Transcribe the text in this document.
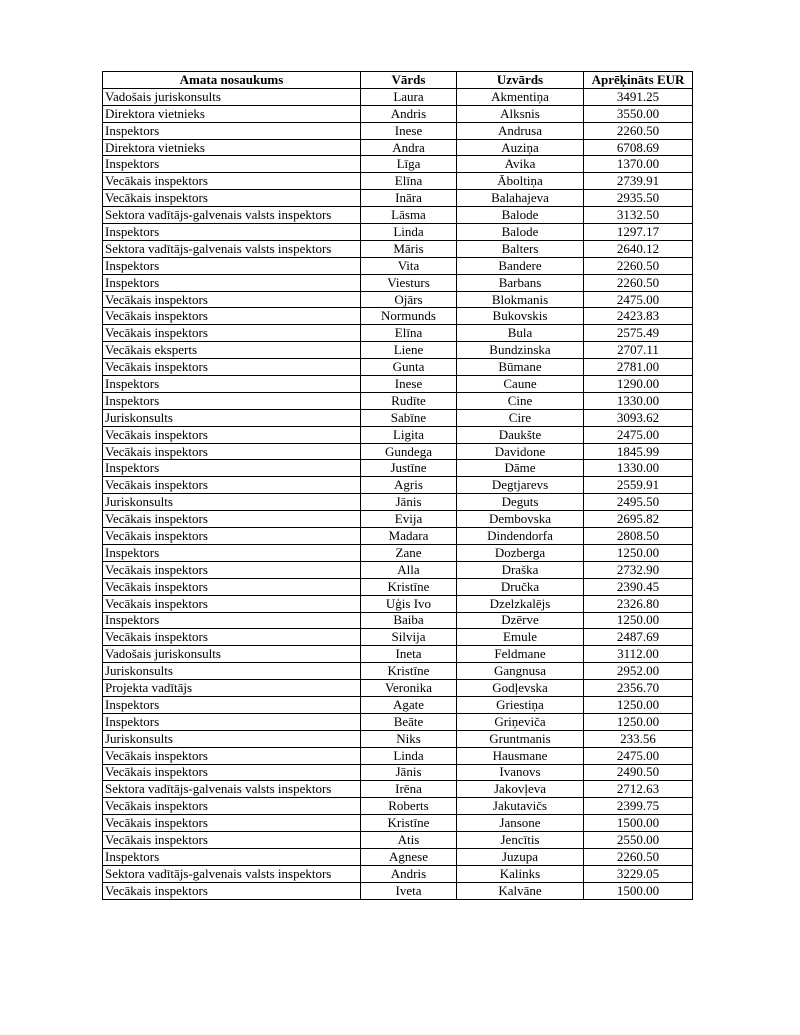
Amata nosaukums	Vārds	Uzvārds	Aprēķināts EUR
Vadošais juriskonsults	Laura	Akmentiņa	3491.25
Direktora vietnieks	Andris	Alksnis	3550.00
Inspektors	Inese	Andrusa	2260.50
Direktora vietnieks	Andra	Auziņa	6708.69
Inspektors	Līga	Avika	1370.00
Vecākais inspektors	Elīna	Āboltiņa	2739.91
Vecākais inspektors	Ināra	Balahajeva	2935.50
Sektora vadītājs-galvenais valsts inspektors	Lāsma	Balode	3132.50
Inspektors	Linda	Balode	1297.17
Sektora vadītājs-galvenais valsts inspektors	Māris	Balters	2640.12
Inspektors	Vita	Bandere	2260.50
Inspektors	Viesturs	Barbans	2260.50
Vecākais inspektors	Ojārs	Blokmanis	2475.00
Vecākais inspektors	Normunds	Bukovskis	2423.83
Vecākais inspektors	Elīna	Bula	2575.49
Vecākais eksperts	Liene	Bundzinska	2707.11
Vecākais inspektors	Gunta	Būmane	2781.00
Inspektors	Inese	Caune	1290.00
Inspektors	Rudīte	Cine	1330.00
Juriskonsults	Sabīne	Cire	3093.62
Vecākais inspektors	Ligita	Daukšte	2475.00
Vecākais inspektors	Gundega	Davidone	1845.99
Inspektors	Justīne	Dāme	1330.00
Vecākais inspektors	Agris	Degtjarevs	2559.91
Juriskonsults	Jānis	Deguts	2495.50
Vecākais inspektors	Evija	Dembovska	2695.82
Vecākais inspektors	Madara	Dindendorfa	2808.50
Inspektors	Zane	Dozberga	1250.00
Vecākais inspektors	Alla	Draška	2732.90
Vecākais inspektors	Kristīne	Dručka	2390.45
Vecākais inspektors	Uģis Ivo	Dzelzkalējs	2326.80
Inspektors	Baiba	Dzērve	1250.00
Vecākais inspektors	Silvija	Emule	2487.69
Vadošais juriskonsults	Ineta	Feldmane	3112.00
Juriskonsults	Kristīne	Gangnusa	2952.00
Projekta vadītājs	Veronika	Godļevska	2356.70
Inspektors	Agate	Griestiņa	1250.00
Inspektors	Beāte	Griņeviča	1250.00
Juriskonsults	Niks	Gruntmanis	233.56
Vecākais inspektors	Linda	Hausmane	2475.00
Vecākais inspektors	Jānis	Ivanovs	2490.50
Sektora vadītājs-galvenais valsts inspektors	Irēna	Jakovļeva	2712.63
Vecākais inspektors	Roberts	Jakutavičs	2399.75
Vecākais inspektors	Kristīne	Jansone	1500.00
Vecākais inspektors	Atis	Jencītis	2550.00
Inspektors	Agnese	Juzupa	2260.50
Sektora vadītājs-galvenais valsts inspektors	Andris	Kalinks	3229.05
Vecākais inspektors	Iveta	Kalvāne	1500.00
